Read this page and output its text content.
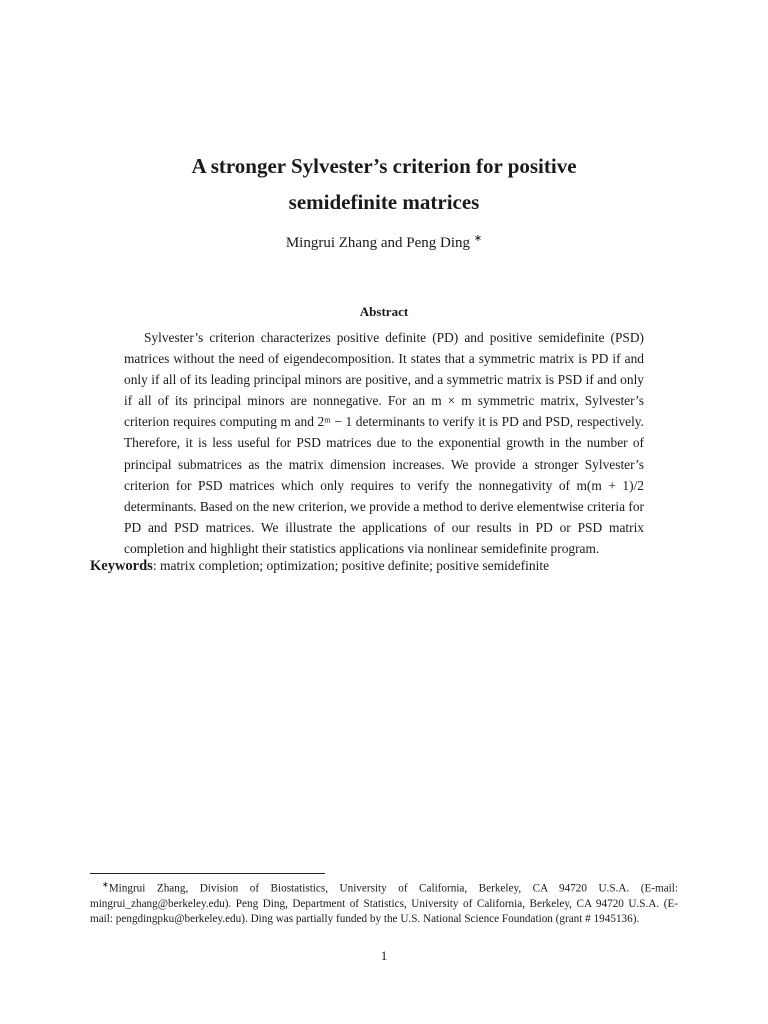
A stronger Sylvester’s criterion for positive
semidefinite matrices
Mingrui Zhang and Peng Ding ∗
Abstract
Sylvester’s criterion characterizes positive definite (PD) and positive semidefinite (PSD) matrices without the need of eigendecomposition. It states that a symmetric matrix is PD if and only if all of its leading principal minors are positive, and a symmetric matrix is PSD if and only if all of its principal minors are nonnegative. For an m × m symmetric matrix, Sylvester’s criterion requires computing m and 2ᵐ − 1 determinants to verify it is PD and PSD, respectively. Therefore, it is less useful for PSD matrices due to the exponential growth in the number of principal submatrices as the matrix dimension increases. We provide a stronger Sylvester’s criterion for PSD matrices which only requires to verify the nonnegativity of m(m + 1)/2 determinants. Based on the new criterion, we provide a method to derive elementwise criteria for PD and PSD matrices. We illustrate the applications of our results in PD or PSD matrix completion and highlight their statistics applications via nonlinear semidefinite program.
Keywords: matrix completion; optimization; positive definite; positive semidefinite
∗Mingrui Zhang, Division of Biostatistics, University of California, Berkeley, CA 94720 U.S.A. (E-mail: mingrui_zhang@berkeley.edu). Peng Ding, Department of Statistics, University of California, Berkeley, CA 94720 U.S.A. (E-mail: pengdingpku@berkeley.edu). Ding was partially funded by the U.S. National Science Foundation (grant # 1945136).
1
